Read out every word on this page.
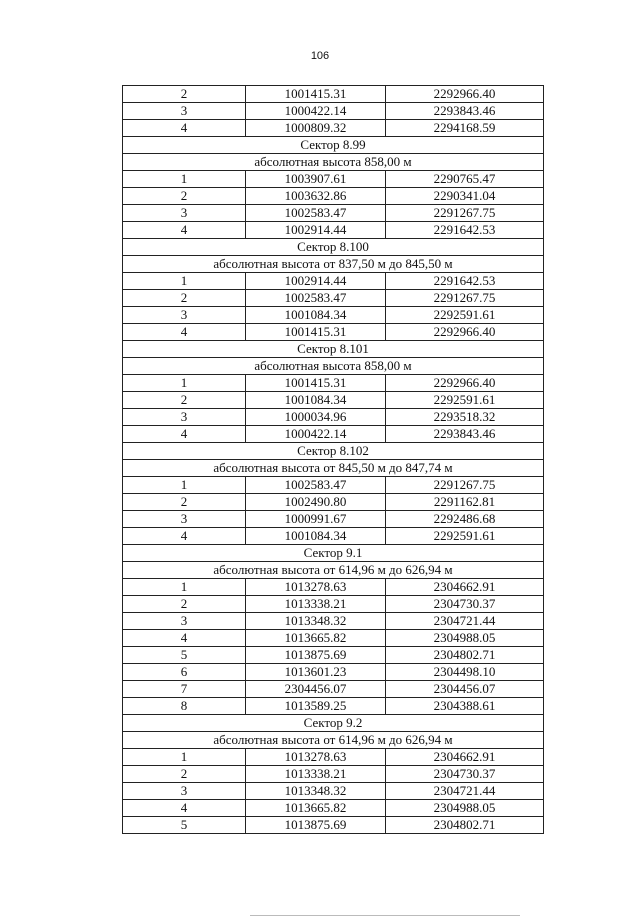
106
2	1001415.31	2292966.40
3	1000422.14	2293843.46
4	1000809.32	2294168.59
Сектор 8.99		
абсолютная высота 858,00 м		
1	1003907.61	2290765.47
2	1003632.86	2290341.04
3	1002583.47	2291267.75
4	1002914.44	2291642.53
Сектор 8.100		
абсолютная высота от 837,50 м до 845,50 м		
1	1002914.44	2291642.53
2	1002583.47	2291267.75
3	1001084.34	2292591.61
4	1001415.31	2292966.40
Сектор 8.101		
абсолютная высота 858,00 м		
1	1001415.31	2292966.40
2	1001084.34	2292591.61
3	1000034.96	2293518.32
4	1000422.14	2293843.46
Сектор 8.102		
абсолютная высота от 845,50 м до 847,74 м		
1	1002583.47	2291267.75
2	1002490.80	2291162.81
3	1000991.67	2292486.68
4	1001084.34	2292591.61
Сектор 9.1		
абсолютная высота от 614,96 м до 626,94 м		
1	1013278.63	2304662.91
2	1013338.21	2304730.37
3	1013348.32	2304721.44
4	1013665.82	2304988.05
5	1013875.69	2304802.71
6	1013601.23	2304498.10
7	2304456.07	2304456.07
8	1013589.25	2304388.61
Сектор 9.2		
абсолютная высота от 614,96 м до 626,94 м		
1	1013278.63	2304662.91
2	1013338.21	2304730.37
3	1013348.32	2304721.44
4	1013665.82	2304988.05
5	1013875.69	2304802.71
